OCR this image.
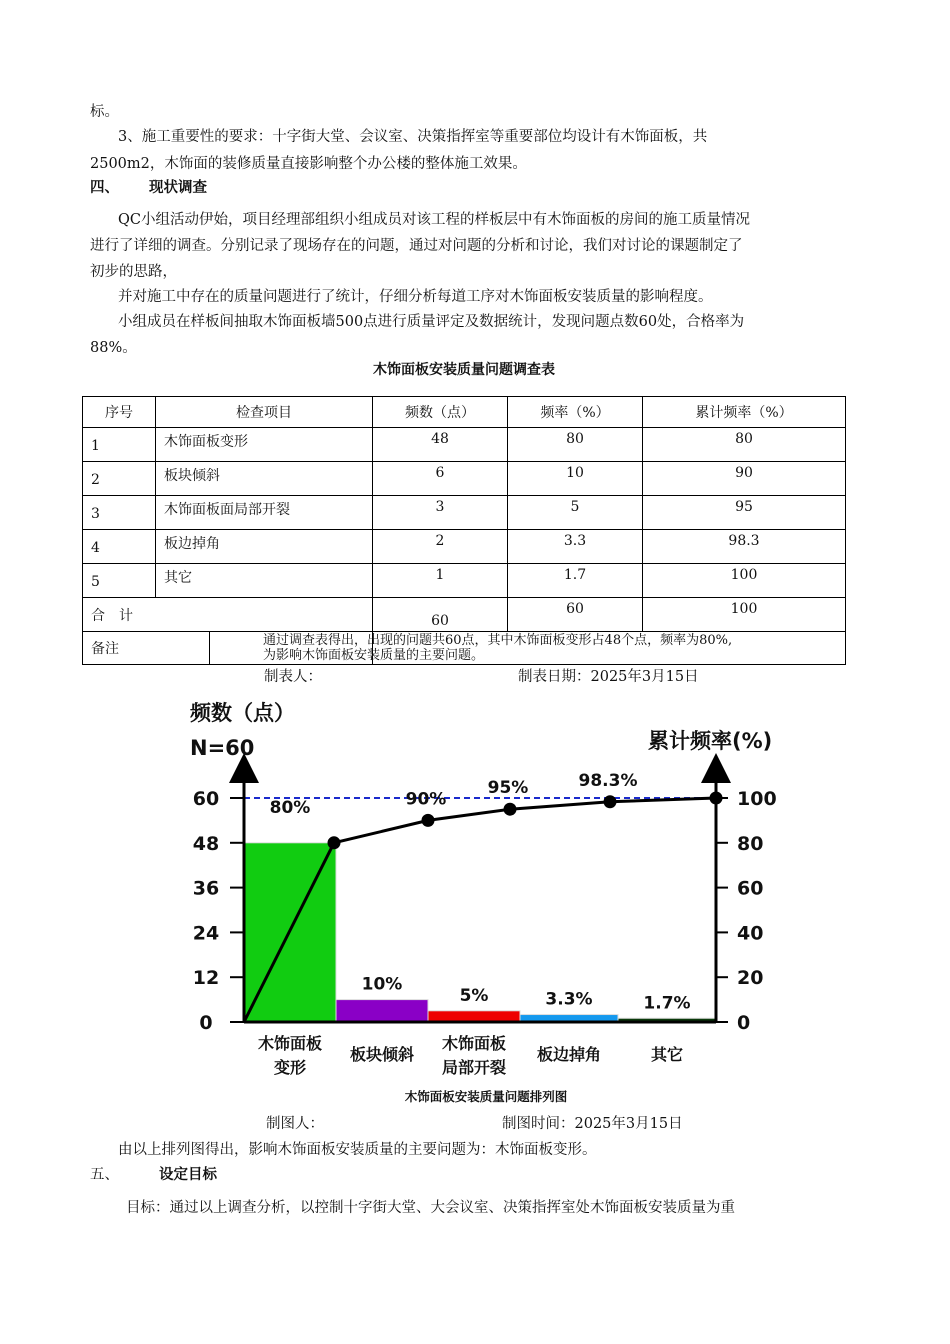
标。
3、施工重要性的要求：十字街大堂、会议室、决策指挥室等重要部位均设计有木饰面板，共
2500m2，木饰面的装修质量直接影响整个办公楼的整体施工效果。
四、 现状调查
QC小组活动伊始，项目经理部组织小组成员对该工程的样板层中有木饰面板的房间的施工质量情况
进行了详细的调查。分别记录了现场存在的问题，通过对问题的分析和讨论，我们对讨论的课题制定了
初步的思路，
并对施工中存在的质量问题进行了统计，仔细分析每道工序对木饰面板安装质量的影响程度。
小组成员在样板间抽取木饰面板墙500点进行质量评定及数据统计，发现问题点数60处，合格率为
88%。
木饰面板安装质量问题调查表
序号	检查项目	频数（点）	频率（%）	累计频率（%）
1	木饰面板变形	48	80	80
2	板块倾斜	6	10	90
3	木饰面板面局部开裂	3	5	95
4	板边掉角	2	3.3	98.3
5	其它	1	1.7	100
合　计		60	60	100

备注		通过调查表得出，出现的问题共60点，其中木饰面板变形占48个点，频率为80%,
为影响木饰面板安装质量的主要问题。		
制表人：	制表日期：2025年3月15日
频数（点）
N=60	累计频率(%)
80%
10%
5%	3.3%	1.7%
0
12
24
36
48
60
0
20
40
60
80
100
90%
95%	98.3%
木饰面板
变形
板块倾斜
木饰面板
局部开裂
板边掉角	其它
木饰面板安装质量问题排列图
制图人：	制图时间：2025年3月15日
由以上排列图得出，影响木饰面板安装质量的主要问题为：木饰面板变形。
五、	设定目标
目标：通过以上调查分析，以控制十字街大堂、大会议室、决策指挥室处木饰面板安装质量为重
